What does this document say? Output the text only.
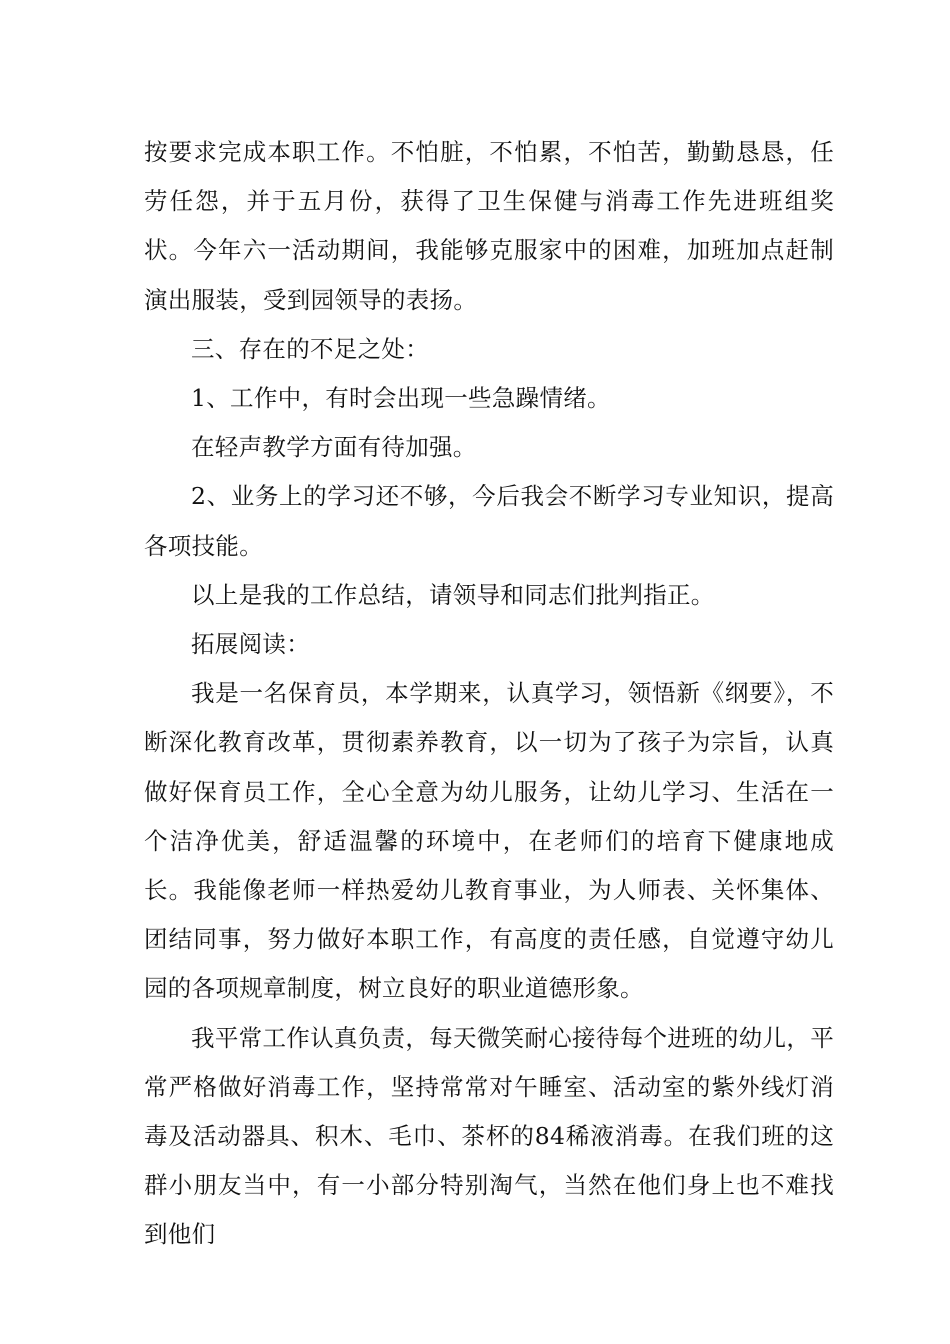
按要求完成本职工作。不怕脏，不怕累，不怕苦，勤勤恳恳，任劳任怨，并于五月份，获得了卫生保健与消毒工作先进班组奖状。今年六一活动期间，我能够克服家中的困难，加班加点赶制演出服装，受到园领导的表扬。

三、存在的不足之处：

1、工作中，有时会出现一些急躁情绪。

在轻声教学方面有待加强。

2、业务上的学习还不够，今后我会不断学习专业知识，提高各项技能。

以上是我的工作总结，请领导和同志们批判指正。

拓展阅读：

我是一名保育员，本学期来，认真学习，领悟新《纲要》，不断深化教育改革，贯彻素养教育，以一切为了孩子为宗旨，认真做好保育员工作，全心全意为幼儿服务，让幼儿学习、生活在一个洁净优美，舒适温馨的环境中，在老师们的培育下健康地成长。我能像老师一样热爱幼儿教育事业，为人师表、关怀集体、团结同事，努力做好本职工作，有高度的责任感，自觉遵守幼儿园的各项规章制度，树立良好的职业道德形象。

我平常工作认真负责，每天微笑耐心接待每个进班的幼儿，平常严格做好消毒工作，坚持常常对午睡室、活动室的紫外线灯消毒及活动器具、积木、毛巾、茶杯的84稀液消毒。在我们班的这群小朋友当中，有一小部分特别淘气，当然在他们身上也不难找到他们
